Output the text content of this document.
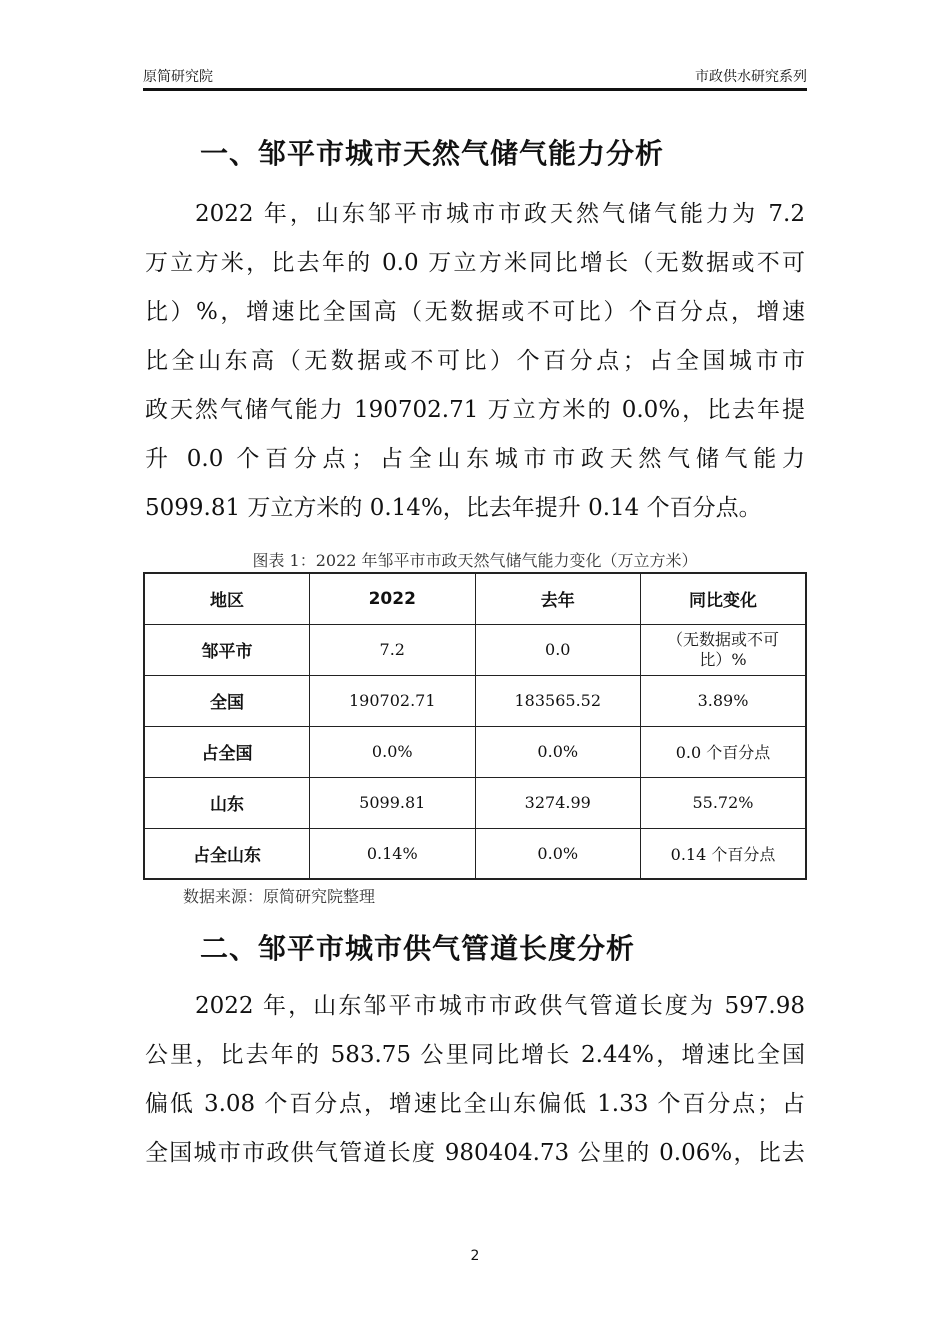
原简研究院	市政供水研究系列
一、邹平市城市天然气储气能力分析
2022 年，山东邹平市城市市政天然气储气能力为 7.2
万立方米，比去年的 0.0 万立方米同比增长（无数据或不可
比）%，增速比全国高（无数据或不可比）个百分点，增速
比全山东高（无数据或不可比）个百分点；占全国城市市
政天然气储气能力 190702.71 万立方米的 0.0%，比去年提
升 0.0 个百分点；占全山东城市市政天然气储气能力
5099.81 万立方米的 0.14%，比去年提升 0.14 个百分点。
图表 1：2022 年邹平市市政天然气储气能力变化（万立方米）
地区	2022	去年	同比变化
邹平市	7.2	0.0	（无数据或不可比）%
全国	190702.71	183565.52	3.89%
占全国	0.0%	0.0%	0.0 个百分点
山东	5099.81	3274.99	55.72%
占全山东	0.14%	0.0%	0.14 个百分点
数据来源：原简研究院整理
二、邹平市城市供气管道长度分析
2022 年，山东邹平市城市市政供气管道长度为 597.98
公里，比去年的 583.75 公里同比增长 2.44%，增速比全国
偏低 3.08 个百分点，增速比全山东偏低 1.33 个百分点；占
全国城市市政供气管道长度 980404.73 公里的 0.06%，比去
2
